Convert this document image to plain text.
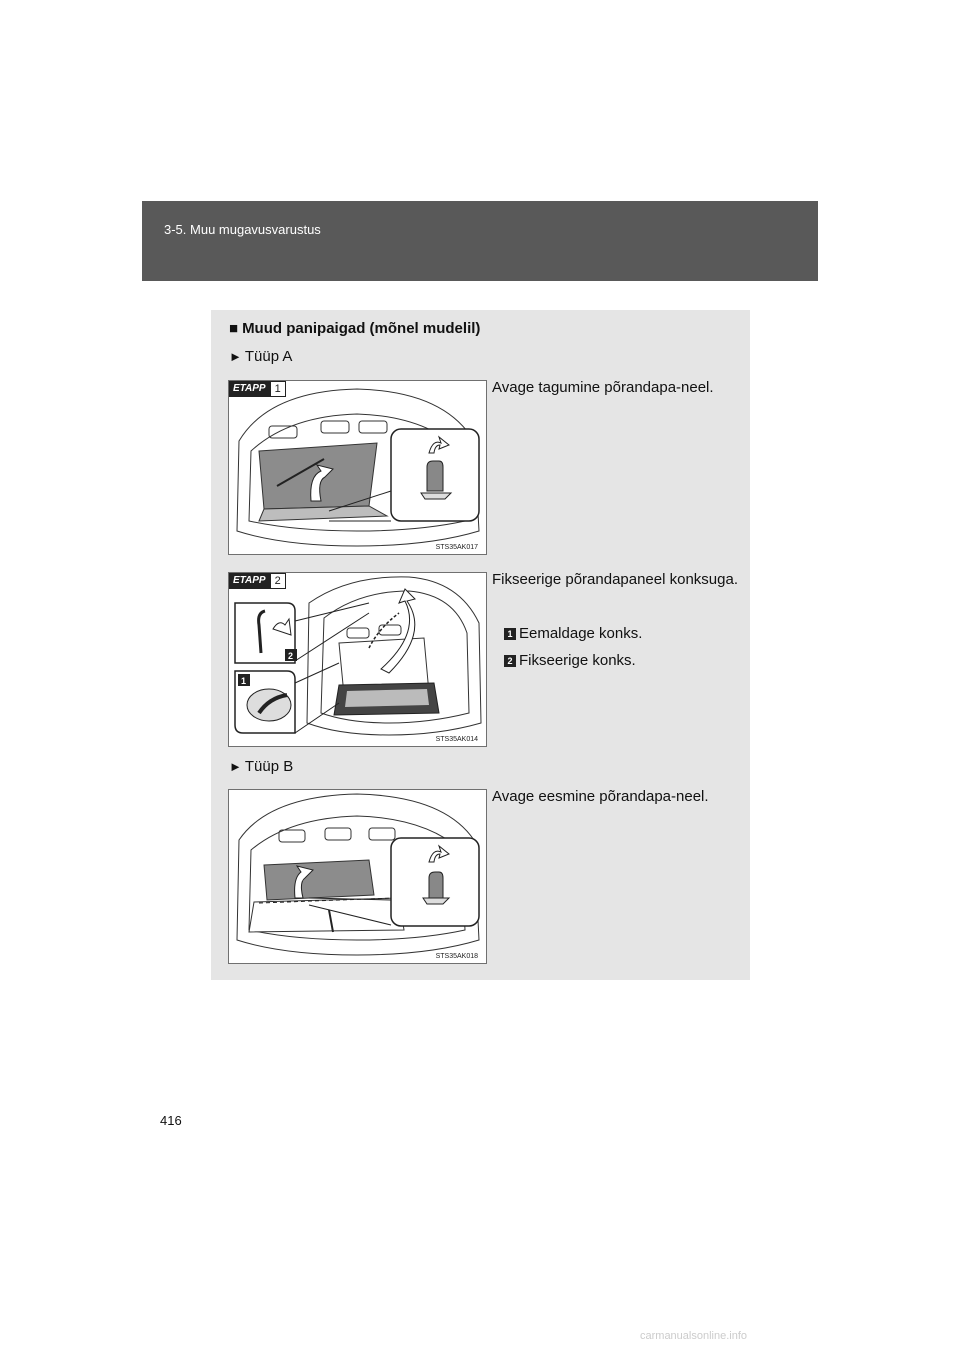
3-5. Muu mugavusvarustus
■ Muud panipaigad (mõnel mudelil)
► Tüüp A
ETAPP 1
STS35AK017
Avage tagumine põrandapa-neel.
2
1
ETAPP 2
STS35AK014
Fikseerige põrandapaneel konksuga.
1 Eemaldage konks.
2 Fikseerige konks.
► Tüüp B
STS35AK018
Avage eesmine põrandapa-neel.
416
carmanualsonline.info
